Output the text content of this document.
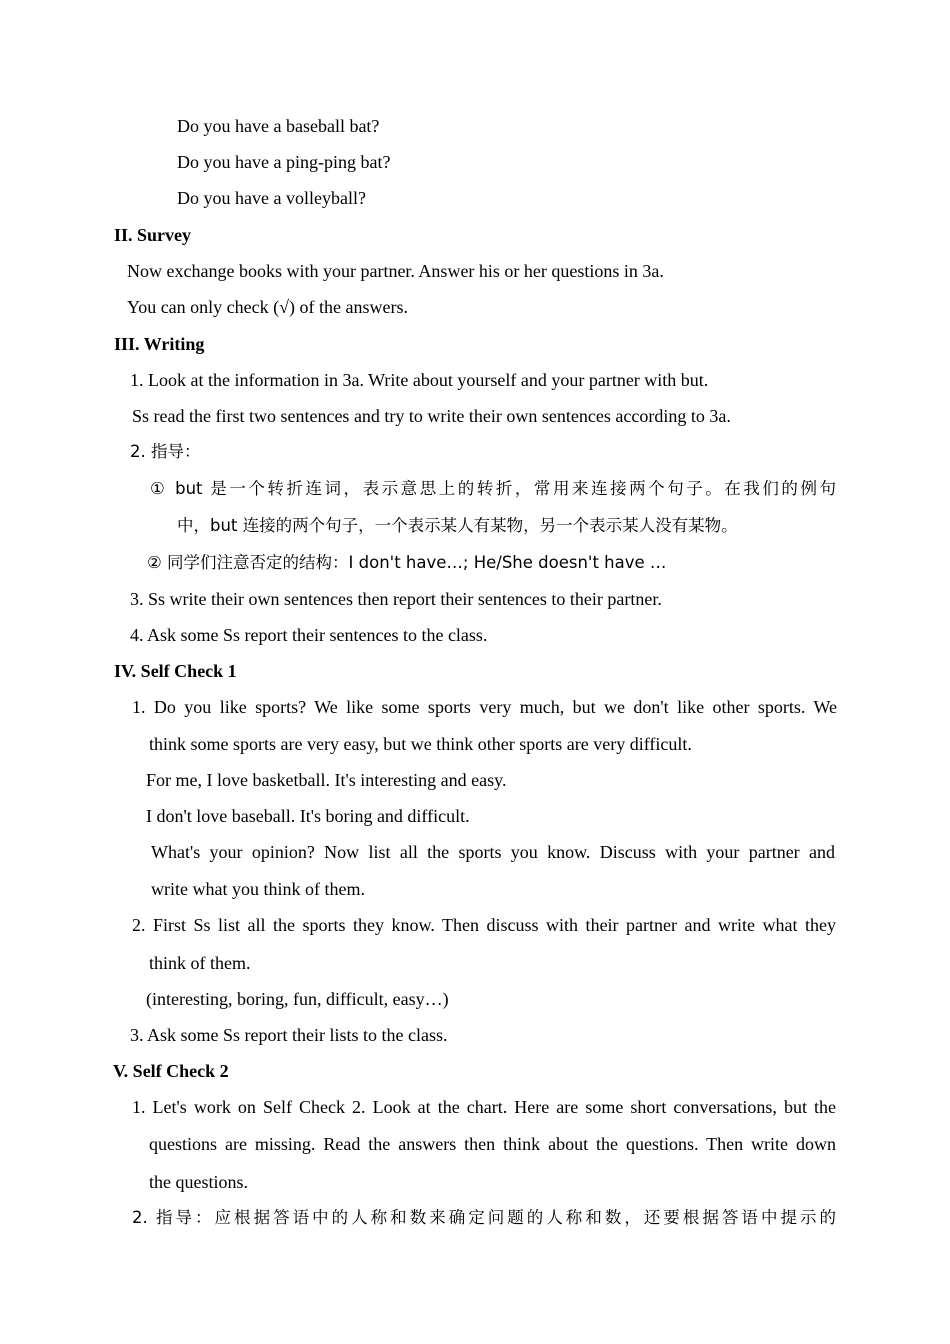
Do you have a baseball bat?
Do you have a ping-ping bat?
Do you have a volleyball?
II. Survey
Now exchange books with your partner. Answer his or her questions in 3a.
You can only check (√) of the answers.
III. Writing
1. Look at the information in 3a. Write about yourself and your partner with but.
Ss read the first two sentences and try to write their own sentences according to 3a.
2. 指导：
① but 是一个转折连词，表示意思上的转折，常用来连接两个句子。在我们的例句
中，but 连接的两个句子，一个表示某人有某物，另一个表示某人没有某物。
② 同学们注意否定的结构：I don't have…; He/She doesn't have …
3. Ss write their own sentences then report their sentences to their partner.
4. Ask some Ss report their sentences to the class.
IV. Self Check 1
1. Do you like sports? We like some sports very much, but we don't like other sports. We
think some sports are very easy, but we think other sports are very difficult.
For me, I love basketball. It's interesting and easy.
I don't love baseball. It's boring and difficult.
What's your opinion? Now list all the sports you know. Discuss with your partner and
write what you think of them.
2. First Ss list all the sports they know. Then discuss with their partner and write what they
think of them.
(interesting, boring, fun, difficult, easy…)
3. Ask some Ss report their lists to the class.
V. Self Check 2
1. Let's work on Self Check 2. Look at the chart. Here are some short conversations, but the
questions are missing. Read the answers then think about the questions. Then write down
the questions.
2. 指导：应根据答语中的人称和数来确定问题的人称和数，还要根据答语中提示的
